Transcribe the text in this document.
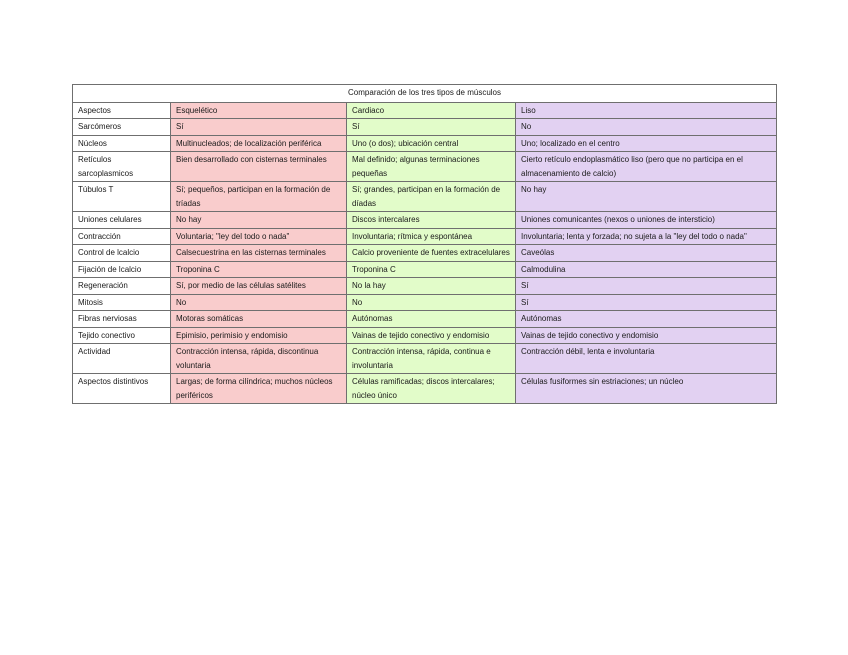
Comparación de los tres tipos de músculos			
Aspectos	Esquelético	Cardiaco	Liso
Sarcómeros	Sí	Sí	No
Núcleos	Multinucleados; de localización periférica	Uno (o dos); ubicación central	Uno; localizado en el centro
Retículos sarcoplasmicos	Bien desarrollado con cisternas terminales	Mal definido; algunas terminaciones pequeñas	Cierto retículo endoplasmático liso (pero que no participa en el almacenamiento de calcio)
Túbulos T	Sí; pequeños, participan en la formación de tríadas	Sí; grandes, participan en la formación de díadas	No hay
Uniones celulares	No hay	Discos intercalares	Uniones comunicantes (nexos o uniones de intersticio)
Contracción	Voluntaria; "ley del todo o nada"	Involuntaria; rítmica y espontánea	Involuntaria; lenta y forzada; no sujeta a la "ley del todo o nada"
Control de lcalcio	Calsecuestrina en las cisternas terminales	Calcio proveniente de fuentes extracelulares	Caveólas
Fijación de lcalcio	Troponina C	Troponina C	Calmodulina
Regeneración	Sí, por medio de las células satélites	No la hay	Sí
Mitosis	No	No	Sí
Fibras nerviosas	Motoras somáticas	Autónomas	Autónomas
Tejido conectivo	Epimisio, perimisio y endomisio	Vainas de tejido conectivo y endomisio	Vainas de tejido conectivo y endomisio
Actividad	Contracción intensa, rápida, discontinua voluntaria	Contracción intensa, rápida, continua e involuntaria	Contracción débil, lenta e involuntaria
Aspectos distintivos	Largas; de forma cilíndrica; muchos núcleos periféricos	Células ramificadas; discos intercalares; núcleo único	Células fusiformes sin estriaciones; un núcleo
